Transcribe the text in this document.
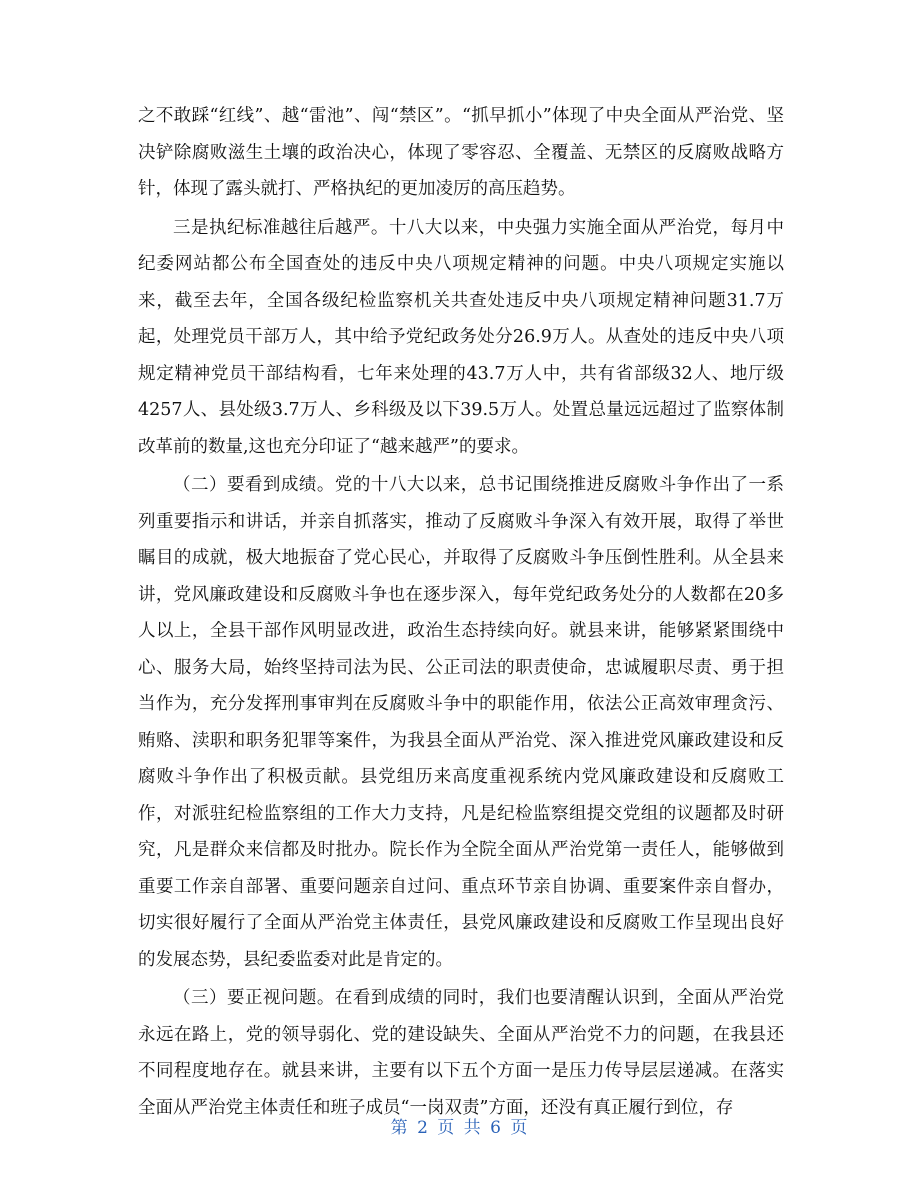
之不敢踩“红线”、越“雷池”、闯“禁区”。“抓早抓小”体现了中央全面从严治党、坚决铲除腐败滋生土壤的政治决心，体现了零容忍、全覆盖、无禁区的反腐败战略方针，体现了露头就打、严格执纪的更加凌厉的高压趋势。

三是执纪标准越往后越严。十八大以来，中央强力实施全面从严治党，每月中纪委网站都公布全国查处的违反中央八项规定精神的问题。中央八项规定实施以来，截至去年，全国各级纪检监察机关共查处违反中央八项规定精神问题31.7万起，处理党员干部万人，其中给予党纪政务处分26.9万人。从查处的违反中央八项规定精神党员干部结构看，七年来处理的43.7万人中，共有省部级32人、地厅级4257人、县处级3.7万人、乡科级及以下39.5万人。处置总量远远超过了监察体制改革前的数量,这也充分印证了“越来越严”的要求。

（二）要看到成绩。党的十八大以来，总书记围绕推进反腐败斗争作出了一系列重要指示和讲话，并亲自抓落实，推动了反腐败斗争深入有效开展，取得了举世瞩目的成就，极大地振奋了党心民心，并取得了反腐败斗争压倒性胜利。从全县来讲，党风廉政建设和反腐败斗争也在逐步深入，每年党纪政务处分的人数都在20多人以上，全县干部作风明显改进，政治生态持续向好。就县来讲，能够紧紧围绕中心、服务大局，始终坚持司法为民、公正司法的职责使命，忠诚履职尽责、勇于担当作为，充分发挥刑事审判在反腐败斗争中的职能作用，依法公正高效审理贪污、贿赂、渎职和职务犯罪等案件，为我县全面从严治党、深入推进党风廉政建设和反腐败斗争作出了积极贡献。县党组历来高度重视系统内党风廉政建设和反腐败工作，对派驻纪检监察组的工作大力支持，凡是纪检监察组提交党组的议题都及时研究，凡是群众来信都及时批办。院长作为全院全面从严治党第一责任人，能够做到重要工作亲自部署、重要问题亲自过问、重点环节亲自协调、重要案件亲自督办，切实很好履行了全面从严治党主体责任，县党风廉政建设和反腐败工作呈现出良好的发展态势，县纪委监委对此是肯定的。

（三）要正视问题。在看到成绩的同时，我们也要清醒认识到，全面从严治党永远在路上，党的领导弱化、党的建设缺失、全面从严治党不力的问题，在我县还不同程度地存在。就县来讲，主要有以下五个方面一是压力传导层层递减。在落实全面从严治党主体责任和班子成员“一岗双责”方面，还没有真正履行到位，存

第 2 页 共 6 页
